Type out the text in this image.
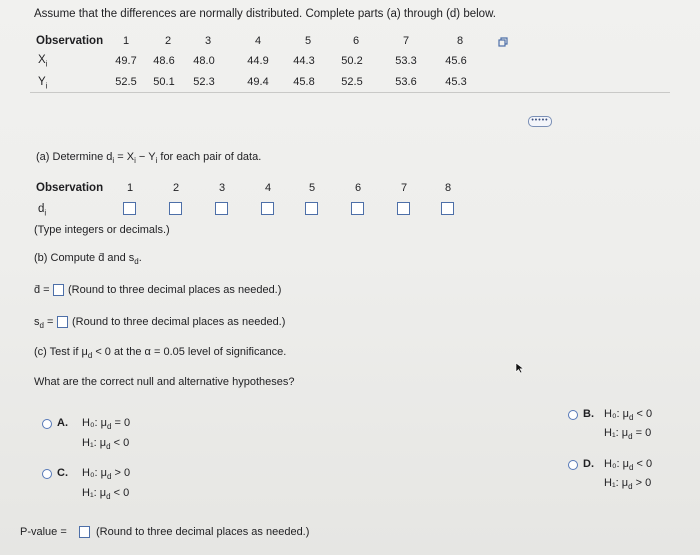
Assume that the differences are normally distributed. Complete parts (a) through (d) below.
Observation	1	2	3	4	5	6	7	8
$X_i$	49.7	48.6	48.0	44.9	44.3	50.2	53.3	45.6
$Y_i$	52.5	50.1	52.3	49.4	45.8	52.5	53.6	45.3
•••••
(a) Determine $d_i = X_i - Y_i$ for each pair of data.
Observation	1	2	3	4	5	6	7	8
$d_i$
(Type integers or decimals.)
(b) Compute d̄ and $s_d$.
d̄ = (Round to three decimal places as needed.)
$s_d$ = (Round to three decimal places as needed.)
(c) Test if $\mu_d < 0$ at the α = 0.05 level of significance.
What are the correct null and alternative hypotheses?
A. H₀: $\mu_d = 0$
H₁: $\mu_d < 0$
B. H₀: $\mu_d < 0$
H₁: $\mu_d = 0$
C. H₀: $\mu_d > 0$
H₁: $\mu_d < 0$
D. H₀: $\mu_d < 0$
H₁: $\mu_d > 0$
P-value =	(Round to three decimal places as needed.)
